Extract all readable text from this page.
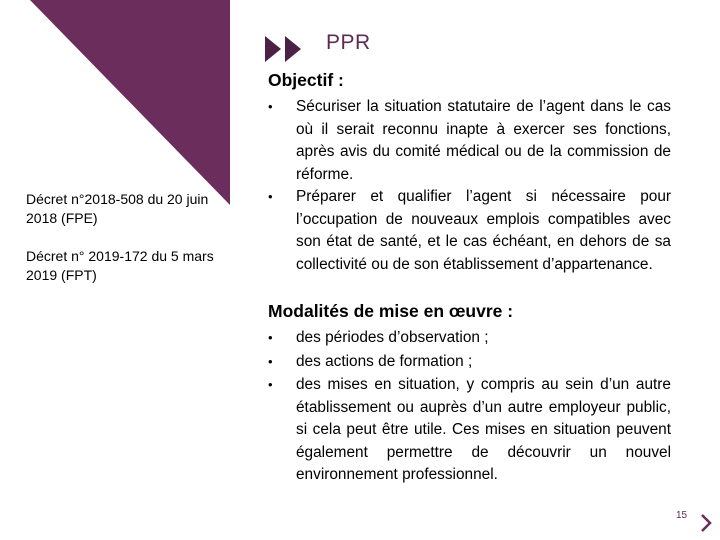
PPR
Décret n°2018-508 du 20 juin 2018 (FPE)
Décret n° 2019-172 du 5 mars 2019 (FPT)
Objectif :
• Sécuriser la situation statutaire de l’agent dans le cas où il serait reconnu inapte à exercer ses fonctions, après avis du comité médical ou de la commission de réforme.
• Préparer et qualifier l’agent si nécessaire pour l’occupation de nouveaux emplois compatibles avec son état de santé, et le cas échéant, en dehors de sa collectivité ou de son établissement d’appartenance.
Modalités de mise en œuvre :
• des périodes d’observation ;
• des actions de formation ;
• des mises en situation, y compris au sein d’un autre établissement ou auprès d’un autre employeur public, si cela peut être utile. Ces mises en situation peuvent également permettre de découvrir un nouvel environnement professionnel.
15
